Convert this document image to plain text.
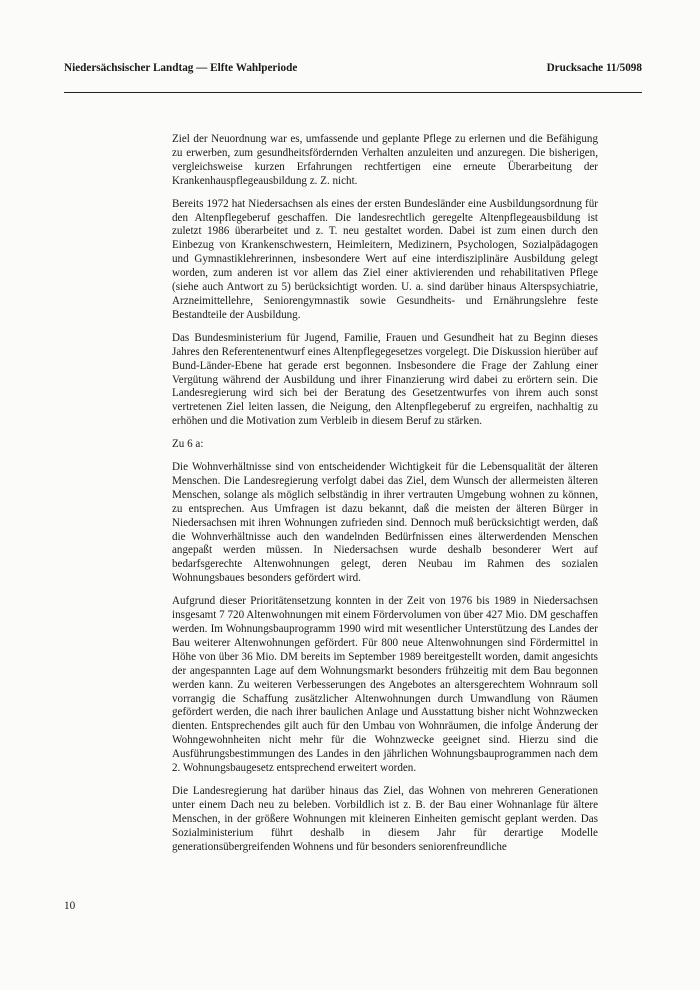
Niedersächsischer Landtag — Elfte Wahlperiode	Drucksache 11/5098

Ziel der Neuordnung war es, umfassende und geplante Pflege zu erlernen und die Befähigung zu erwerben, zum gesundheitsfördernden Verhalten anzuleiten und anzuregen. Die bisherigen, vergleichsweise kurzen Erfahrungen rechtfertigen eine erneute Überarbeitung der Krankenhauspflegeausbildung z. Z. nicht.

Bereits 1972 hat Niedersachsen als eines der ersten Bundesländer eine Ausbildungsordnung für den Altenpflegeberuf geschaffen. Die landesrechtlich geregelte Altenpflegeausbildung ist zuletzt 1986 überarbeitet und z. T. neu gestaltet worden. Dabei ist zum einen durch den Einbezug von Krankenschwestern, Heimleitern, Medizinern, Psychologen, Sozialpädagogen und Gymnastiklehrerinnen, insbesondere Wert auf eine interdisziplinäre Ausbildung gelegt worden, zum anderen ist vor allem das Ziel einer aktivierenden und rehabilitativen Pflege (siehe auch Antwort zu 5) berücksichtigt worden. U. a. sind darüber hinaus Alterspsychiatrie, Arzneimittellehre, Seniorengymnastik sowie Gesundheits- und Ernährungslehre feste Bestandteile der Ausbildung.

Das Bundesministerium für Jugend, Familie, Frauen und Gesundheit hat zu Beginn dieses Jahres den Referentenentwurf eines Altenpflegegesetzes vorgelegt. Die Diskussion hierüber auf Bund-Länder-Ebene hat gerade erst begonnen. Insbesondere die Frage der Zahlung einer Vergütung während der Ausbildung und ihrer Finanzierung wird dabei zu erörtern sein. Die Landesregierung wird sich bei der Beratung des Gesetzentwurfes von ihrem auch sonst vertretenen Ziel leiten lassen, die Neigung, den Altenpflegeberuf zu ergreifen, nachhaltig zu erhöhen und die Motivation zum Verbleib in diesem Beruf zu stärken.

Zu 6 a:

Die Wohnverhältnisse sind von entscheidender Wichtigkeit für die Lebensqualität der älteren Menschen. Die Landesregierung verfolgt dabei das Ziel, dem Wunsch der allermeisten älteren Menschen, solange als möglich selbständig in ihrer vertrauten Umgebung wohnen zu können, zu entsprechen. Aus Umfragen ist dazu bekannt, daß die meisten der älteren Bürger in Niedersachsen mit ihren Wohnungen zufrieden sind. Dennoch muß berücksichtigt werden, daß die Wohnverhältnisse auch den wandelnden Bedürfnissen eines älterwerdenden Menschen angepaßt werden müssen. In Niedersachsen wurde deshalb besonderer Wert auf bedarfsgerechte Altenwohnungen gelegt, deren Neubau im Rahmen des sozialen Wohnungsbaues besonders gefördert wird.

Aufgrund dieser Prioritätensetzung konnten in der Zeit von 1976 bis 1989 in Niedersachsen insgesamt 7 720 Altenwohnungen mit einem Fördervolumen von über 427 Mio. DM geschaffen werden. Im Wohnungsbauprogramm 1990 wird mit wesentlicher Unterstützung des Landes der Bau weiterer Altenwohnungen gefördert. Für 800 neue Altenwohnungen sind Fördermittel in Höhe von über 36 Mio. DM bereits im September 1989 bereitgestellt worden, damit angesichts der angespannten Lage auf dem Wohnungsmarkt besonders frühzeitig mit dem Bau begonnen werden kann. Zu weiteren Verbesserungen des Angebotes an altersgerechtem Wohnraum soll vorrangig die Schaffung zusätzlicher Altenwohnungen durch Umwandlung von Räumen gefördert werden, die nach ihrer baulichen Anlage und Ausstattung bisher nicht Wohnzwecken dienten. Entsprechendes gilt auch für den Umbau von Wohnräumen, die infolge Änderung der Wohngewohnheiten nicht mehr für die Wohnzwecke geeignet sind. Hierzu sind die Ausführungsbestimmungen des Landes in den jährlichen Wohnungsbauprogrammen nach dem 2. Wohnungsbaugesetz entsprechend erweitert worden.

Die Landesregierung hat darüber hinaus das Ziel, das Wohnen von mehreren Generationen unter einem Dach neu zu beleben. Vorbildlich ist z. B. der Bau einer Wohnanlage für ältere Menschen, in der größere Wohnungen mit kleineren Einheiten gemischt geplant werden. Das Sozialministerium führt deshalb in diesem Jahr für derartige Modelle generationsübergreifenden Wohnens und für besonders seniorenfreundliche

10
